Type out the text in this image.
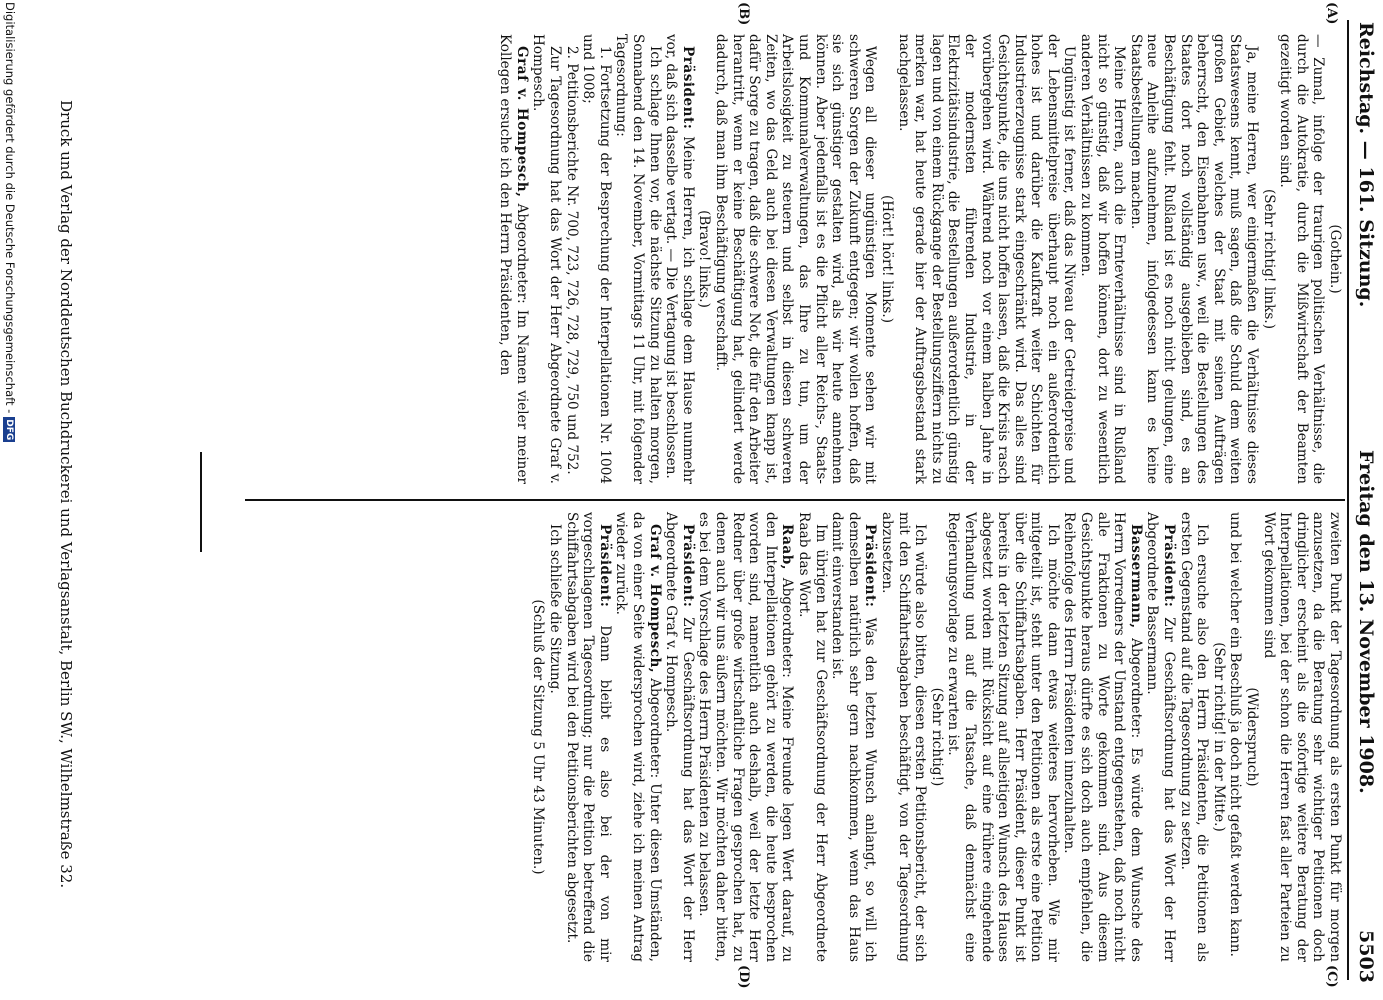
Reichstag. — 161. Sitzung.
Freitag den 13. November 1908.
5503
(A)
(B)
(C)
(D)

(Gothein.)

— Zumal, infolge der traurigen politischen Verhältnisse, die durch die Autokratie, durch die Mißwirtschaft der Beamten gezeitigt worden sind.

(Sehr richtig! links.)

Ja, meine Herren, wer einigermaßen die Verhältnisse dieses Staatswesens kennt, muß sagen, daß die Schuld dem weiten großen Gebiet, welches der Staat mit seinen Aufträgen beherrscht, den Eisenbahnen usw., weil die Bestellungen des Staates dort noch vollständig ausgeblieben sind, es an Beschäftigung fehlt. Rußland ist es noch nicht gelungen, eine neue Anleihe aufzunehmen, infolgedessen kann es keine Staatsbestellungen machen.

Meine Herren, auch die Ernteverhältnisse sind in Rußland nicht so günstig, daß wir hoffen können, dort zu wesentlich anderen Verhältnissen zu kommen.

Ungünstig ist ferner, daß das Niveau der Getreidepreise und der Lebensmittelpreise überhaupt noch ein außerordentlich hohes ist und darüber die Kaufkraft weiter Schichten für Industrieerzeugnisse stark eingeschränkt wird. Das alles sind Gesichtspunkte, die uns nicht hoffen lassen, daß die Krisis rasch vorübergehen wird. Während noch vor einem halben Jahre in der modernsten führenden Industrie, in der Elektrizitätsindustrie, die Bestellungen außerordentlich günstig lagen und von einem Rückgange der Bestellungsziffern nichts zu merken war, hat heute gerade hier der Auftragsbestand stark nachgelassen.

(Hört! hört! links.)

Wegen all dieser ungünstigen Momente sehen wir mit schweren Sorgen der Zukunft entgegen; wir wollen hoffen, daß sie sich günstiger gestalten wird, als wir heute annehmen können. Aber jedenfalls ist es die Pflicht aller Reichs-, Staats- und Kommunalverwaltungen, das Ihre zu tun, um der Arbeitslosigkeit zu steuern und selbst in diesen schweren Zeiten, wo das Geld auch bei diesen Verwaltungen knapp ist, dafür Sorge zu tragen, daß die schwere Not, die für den Arbeiter herantritt, wenn er keine Beschäftigung hat, gelindert werde dadurch, daß man ihm Beschäftigung verschafft.

(Bravo! links.)

Präsident: Meine Herren, ich schlage dem Hause nunmehr vor, daß sich dasselbe vertagt. — Die Vertagung ist beschlossen.

Ich schlage Ihnen vor, die nächste Sitzung zu halten morgen, Sonnabend den 14. November, Vormittags 11 Uhr, mit folgender Tagesordnung:

1. Fortsetzung der Besprechung der Interpellationen Nr. 1004 und 1008;

2. Petitionsberichte Nr. 700, 723, 726, 728, 729, 750 und 752.

Zur Tagesordnung hat das Wort der Herr Abgeordnete Graf v. Hompesch.

Graf v. Hompesch, Abgeordneter: Im Namen vieler meiner Kollegen ersuche ich den Herrn Präsidenten, den

zweiten Punkt der Tagesordnung als ersten Punkt für morgen anzusetzen, da die Beratung sehr wichtiger Petitionen doch dringlicher erscheint als die sofortige weitere Beratung der Interpellationen, bei der schon die Herren fast aller Parteien zu Wort gekommen sind

(Widerspruch)

und bei welcher ein Beschluß ja doch nicht gefaßt werden kann.

(Sehr richtig! in der Mitte.)

Ich ersuche also den Herrn Präsidenten, die Petitionen als ersten Gegenstand auf die Tagesordnung zu setzen.

Präsident: Zur Geschäftsordnung hat das Wort der Herr Abgeordnete Bassermann.

Bassermann, Abgeordneter: Es würde dem Wunsche des Herrn Vorredners der Umstand entgegenstehen, daß noch nicht alle Fraktionen zu Worte gekommen sind. Aus diesem Gesichtspunkte heraus dürfte es sich doch auch empfehlen, die Reihenfolge des Herrn Präsidenten innezuhalten.

Ich möchte dann etwas weiteres hervorheben. Wie mir mitgeteilt ist, steht unter den Petitionen als erste eine Petition über die Schiffahrtsabgaben. Herr Präsident, dieser Punkt ist bereits in der letzten Sitzung auf allseitigen Wunsch des Hauses abgesetzt worden mit Rücksicht auf eine frühere eingehende Verhandlung und auf die Tatsache, daß demnächst eine Regierungsvorlage zu erwarten ist.

(Sehr richtig!)

Ich würde also bitten, diesen ersten Petitionsbericht, der sich mit den Schiffahrtsabgaben beschäftigt, von der Tagesordnung abzusetzen.

Präsident: Was den letzten Wunsch anlangt, so will ich demselben natürlich sehr gern nachkommen, wenn das Haus damit einverstanden ist.

Im übrigen hat zur Geschäftsordnung der Herr Abgeordnete Raab das Wort.

Raab, Abgeordneter: Meine Freunde legen Wert darauf, zu den Interpellationen gehört zu werden, die heute besprochen worden sind, namentlich auch deshalb, weil der letzte Herr Redner über große wirtschaftliche Fragen gesprochen hat, zu denen auch wir uns äußern möchten. Wir möchten daher bitten, es bei dem Vorschlage des Herrn Präsidenten zu belassen.

Präsident: Zur Geschäftsordnung hat das Wort der Herr Abgeordnete Graf v. Hompesch.

Graf v. Hompesch, Abgeordneter: Unter diesen Umständen, da von einer Seite widersprochen wird, ziehe ich meinen Antrag wieder zurück.

Präsident: Dann bleibt es also bei der von mir vorgeschlagenen Tagesordnung; nur die Petition betreffend die Schiffahrtsabgaben wird bei den Petitionsberichten abgesetzt.

Ich schließe die Sitzung.

(Schluß der Sitzung 5 Uhr 43 Minuten.)

Druck und Verlag der Norddeutschen Buchdruckerei und Verlagsanstalt, Berlin SW., Wilhelmstraße 32.
Digitalisierung gefördert durch die Deutsche Forschungsgemeinschaft -DFG
